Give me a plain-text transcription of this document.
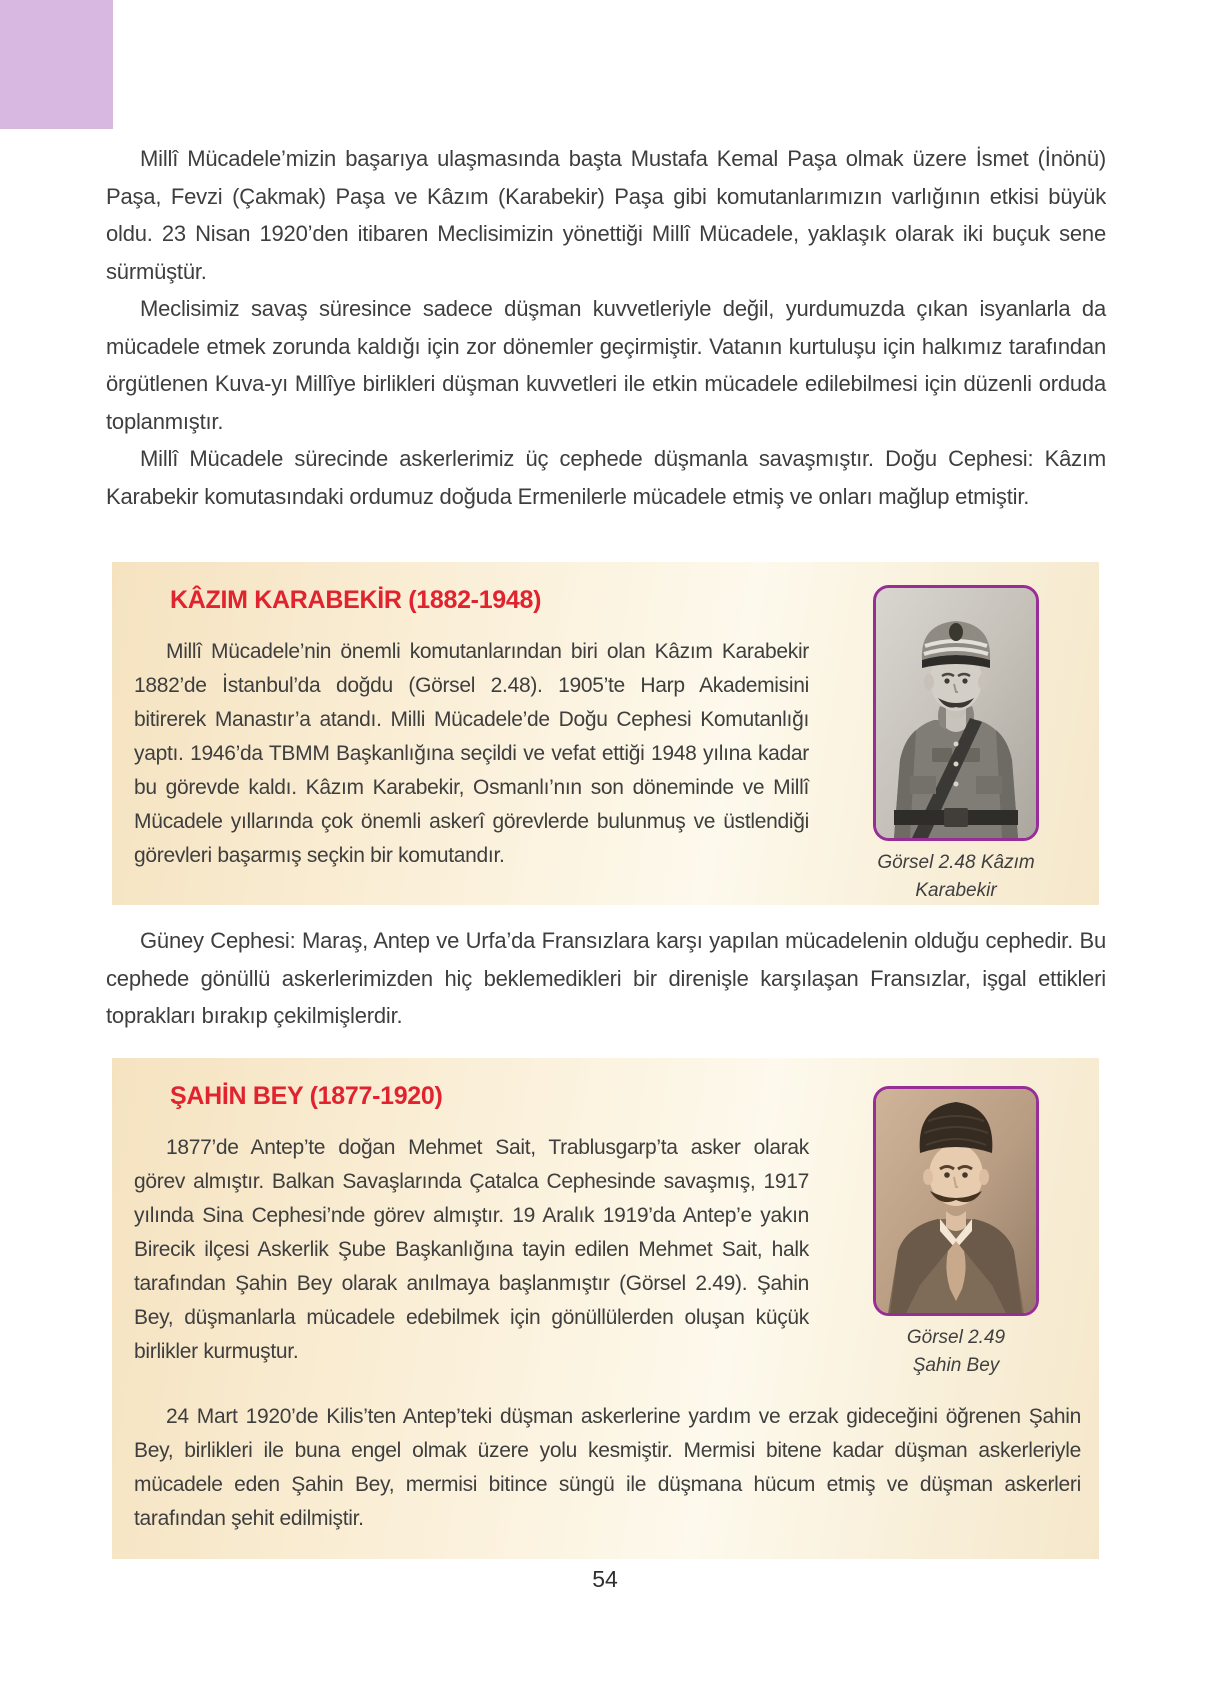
Millî Mücadele’mizin başarıya ulaşmasında başta Mustafa Kemal Paşa olmak üzere İsmet (İnönü) Paşa, Fevzi (Çakmak) Paşa ve Kâzım (Karabekir) Paşa gibi komutanlarımızın varlığının etkisi büyük oldu. 23 Nisan 1920’den itibaren Meclisimizin yönettiği Millî Mücadele, yaklaşık olarak iki buçuk sene sürmüştür.

Meclisimiz savaş süresince sadece düşman kuvvetleriyle değil, yurdumuzda çıkan isyanlarla da mücadele etmek zorunda kaldığı için zor dönemler geçirmiştir. Vatanın kurtuluşu için halkımız tarafından örgütlenen Kuva-yı Millîye birlikleri düşman kuvvetleri ile etkin mücadele edilebilmesi için düzenli orduda toplanmıştır.

Millî Mücadele sürecinde askerlerimiz üç cephede düşmanla savaşmıştır. Doğu Cephesi: Kâzım Karabekir komutasındaki ordumuz doğuda Ermenilerle mücadele etmiş ve onları mağlup etmiştir.

KÂZIM KARABEKİR (1882-1948)

Millî Mücadele’nin önemli komutanlarından biri olan Kâzım Karabekir 1882’de İstanbul’da doğdu (Görsel 2.48). 1905’te Harp Akademisini bitirerek Manastır’a atandı. Milli Mücadele’de Doğu Cephesi Komutanlığı yaptı. 1946’da TBMM Başkanlığına seçildi ve vefat ettiği 1948 yılına kadar bu görevde kaldı. Kâzım Karabekir, Osmanlı’nın son döneminde ve Millî Mücadele yıllarında çok önemli askerî görevlerde bulunmuş ve üstlendiği görevleri başarmış seçkin bir komutandır.	Görsel 2.48 Kâzım Karabekir

Güney Cephesi: Maraş, Antep ve Urfa’da Fransızlara karşı yapılan mücadelenin olduğu cephedir. Bu cephede gönüllü askerlerimizden hiç beklemedikleri bir direnişle karşılaşan Fransızlar, işgal ettikleri toprakları bırakıp çekilmişlerdir.

ŞAHİN BEY (1877-1920)

1877’de Antep’te doğan Mehmet Sait, Trablusgarp’ta asker olarak görev almıştır. Balkan Savaşlarında Çatalca Cephesinde savaşmış, 1917 yılında Sina Cephesi’nde görev almıştır. 19 Aralık 1919’da Antep’e yakın Birecik ilçesi Askerlik Şube Başkanlığına tayin edilen Mehmet Sait, halk tarafından Şahin Bey olarak anılmaya başlanmıştır (Görsel 2.49). Şahin Bey, düşmanlarla mücadele edebilmek için gönüllülerden oluşan küçük birlikler kurmuştur.

Görsel 2.49 Şahin Bey

24 Mart 1920’de Kilis’ten Antep’teki düşman askerlerine yardım ve erzak gideceğini öğrenen Şahin Bey, birlikleri ile buna engel olmak üzere yolu kesmiştir. Mermisi bitene kadar düşman askerleriyle mücadele eden Şahin Bey, mermisi bitince süngü ile düşmana hücum etmiş ve düşman askerleri tarafından şehit edilmiştir.

54
